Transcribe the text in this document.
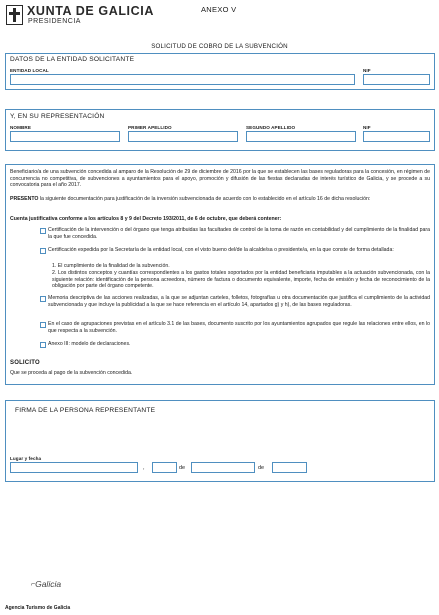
XUNTA DE GALICIA
PRESIDENCIA
ANEXO V
SOLICITUD DE COBRO DE LA SUBVENCIÓN
DATOS DE LA ENTIDAD SOLICITANTE
ENTIDAD LOCAL	NIF
Y, EN SU REPRESENTACIÓN
NOMBRE	PRIMER APELLIDO	SEGUNDO APELLIDO	NIF
Beneficiario/a de una subvención concedida al amparo de la Resolución de 29 de diciembre de 2016 por la que se establecen las bases reguladoras para la concesión, en régimen de concurrencia no competitiva, de subvenciones a ayuntamientos para el apoyo, promoción y difusión de las fiestas declaradas de interés turístico de Galicia, y se procede a su convocatoria para el año 2017.
PRESENTO la siguiente documentación para justificación de la inversión subvencionada de acuerdo con lo establecido en el artículo 16 de dicha resolución:
Cuenta justificativa conforme a los artículos 8 y 9 del Decreto 193/2011, de 6 de octubre, que deberá contener:
Certificación de la intervención o del órgano que tenga atribuidas las facultades de control de la toma de razón en contabilidad y del cumplimiento de la finalidad para la que fue concedida.
Certificación expedida por la Secretaría de la entidad local, con el visto bueno del/de la alcalde/sa o presidente/a, en la que conste de forma detallada:
1. El cumplimiento de la finalidad de la subvención.
2. Los distintos conceptos y cuantías correspondientes a los gastos totales soportados por la entidad beneficiaria imputables a la actuación subvencionada, con la siguiente relación: identificación de la persona acreedora, número de factura o documento equivalente, importe, fecha de emisión y fecha de reconocimiento de la obligación por parte del órgano competente.
Memoria descriptiva de las acciones realizadas, a la que se adjuntan carteles, folletos, fotografías u otra documentación que justifica el cumplimiento de la actividad subvencionada y que incluye la publicidad a la que se hace referencia en el artículo 14, apartados g) y h), de las bases reguladoras.
En el caso de agrupaciones previstas en el artículo 3.1 de las bases, documento suscrito por los ayuntamientos agrupados que regule las relaciones entre ellos, en lo que respecta a la subvención.
Anexo III: modelo de declaraciones.
SOLICITO
Que se proceda al pago de la subvención concedida.
FIRMA DE LA PERSONA REPRESENTANTE
Lugar y fecha
,	de	de
⌐Galicia
Agencia Turismo de Galicia
